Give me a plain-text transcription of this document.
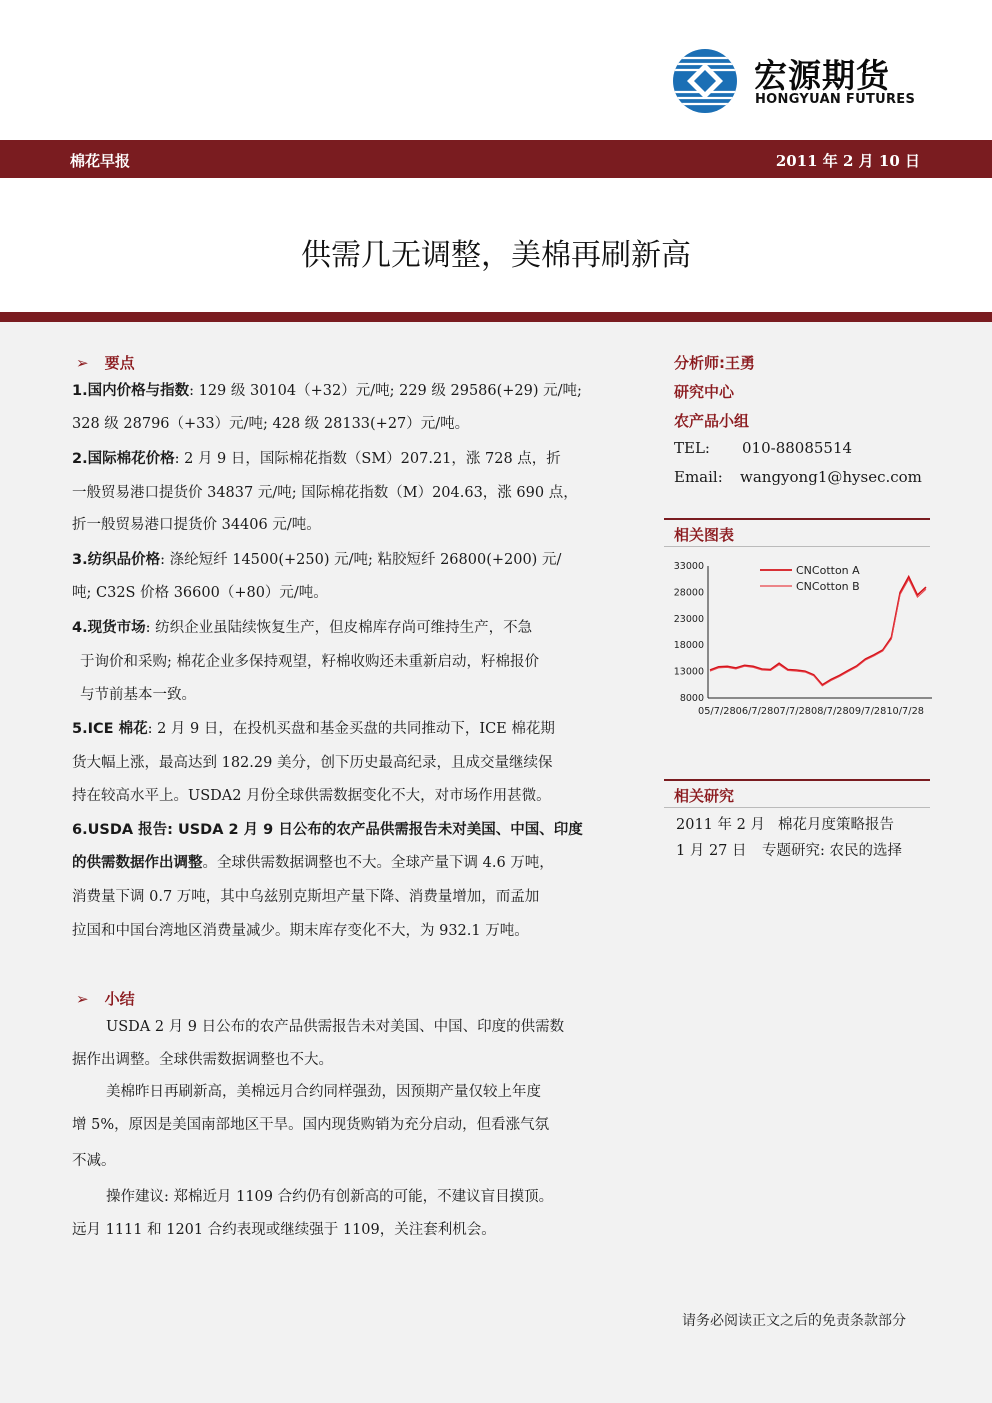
宏源期货
HONGYUAN FUTURES
棉花早报	2011 年 2 月 10 日
供需几无调整，美棉再刷新高
➢ 要点
1.国内价格与指数: 129 级 30104（+32）元/吨; 229 级 29586(+29) 元/吨;
328 级 28796（+33）元/吨; 428 级 28133(+27）元/吨。
2.国际棉花价格: 2 月 9 日，国际棉花指数（SM）207.21，涨 728 点，折
一般贸易港口提货价 34837 元/吨; 国际棉花指数（M）204.63，涨 690 点，
折一般贸易港口提货价 34406 元/吨。
3.纺织品价格: 涤纶短纤 14500(+250) 元/吨; 粘胶短纤 26800(+200) 元/
吨; C32S 价格 36600（+80）元/吨。
4.现货市场: 纺织企业虽陆续恢复生产，但皮棉库存尚可维持生产，不急
于询价和采购; 棉花企业多保持观望，籽棉收购还未重新启动，籽棉报价
与节前基本一致。
5.ICE 棉花: 2 月 9 日，在投机买盘和基金买盘的共同推动下，ICE 棉花期
货大幅上涨，最高达到 182.29 美分，创下历史最高纪录，且成交量继续保
持在较高水平上。USDA2 月份全球供需数据变化不大，对市场作用甚微。
6.USDA 报告: USDA 2 月 9 日公布的农产品供需报告未对美国、中国、印度
的供需数据作出调整。全球供需数据调整也不大。全球产量下调 4.6 万吨，
消费量下调 0.7 万吨，其中乌兹别克斯坦产量下降、消费量增加，而孟加
拉国和中国台湾地区消费量减少。期末库存变化不大，为 932.1 万吨。
➢ 小结
USDA 2 月 9 日公布的农产品供需报告未对美国、中国、印度的供需数
据作出调整。全球供需数据调整也不大。
美棉昨日再刷新高，美棉远月合约同样强劲，因预期产量仅较上年度
增 5%，原因是美国南部地区干旱。国内现货购销为充分启动，但看涨气氛
不减。
操作建议: 郑棉近月 1109 合约仍有创新高的可能，不建议盲目摸顶。
远月 1111 和 1201 合约表现或继续强于 1109，关注套利机会。
分析师:王勇
研究中心
农产品小组
TEL: 010-88085514
Email: wangyong1@hysec.com
相关图表
33000
28000
23000
18000
13000
8000
CNCotton A
CNCotton B
05/7/2806/7/2807/7/2808/7/2809/7/2810/7/28
相关研究
2011 年 2 月 棉花月度策略报告
1 月 27 日 专题研究: 农民的选择
请务必阅读正文之后的免责条款部分
